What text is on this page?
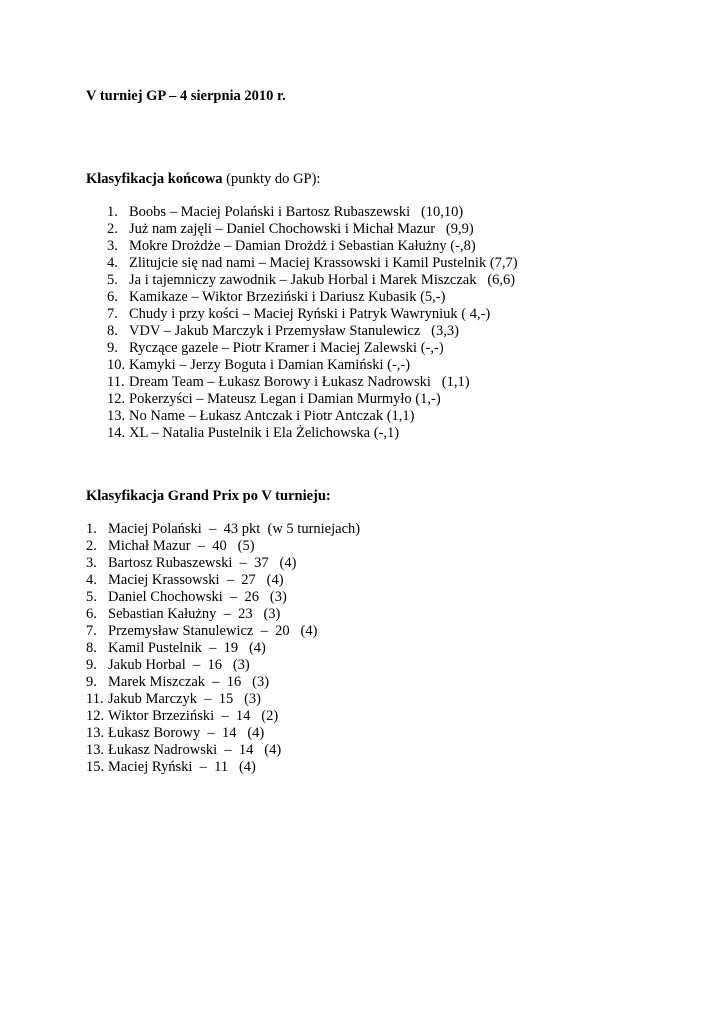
V turniej GP – 4 sierpnia 2010 r.
Klasyfikacja końcowa (punkty do GP):
1. Boobs – Maciej Polański i Bartosz Rubaszewski   (10,10)
2. Już nam zajęli – Daniel Chochowski i Michał Mazur   (9,9)
3. Mokre Drożdże – Damian Drożdż i Sebastian Kałużny (-,8)
4. Zlitujcie się nad nami – Maciej Krassowski i Kamil Pustelnik (7,7)
5. Ja i tajemniczy zawodnik – Jakub Horbal i Marek Miszczak   (6,6)
6. Kamikaze – Wiktor Brzeziński i Dariusz Kubasik (5,-)
7. Chudy i przy kości – Maciej Ryński i Patryk Wawryniuk ( 4,-)
8. VDV – Jakub Marczyk i Przemysław Stanulewicz   (3,3)
9. Ryczące gazele – Piotr Kramer i Maciej Zalewski (-,-)
10. Kamyki – Jerzy Boguta i Damian Kamiński (-,-)
11. Dream Team – Łukasz Borowy i Łukasz Nadrowski   (1,1)
12. Pokerzyści – Mateusz Legan i Damian Murmyło (1,-)
13. No Name – Łukasz Antczak i Piotr Antczak (1,1)
14. XL – Natalia Pustelnik i Ela Żelichowska (-,1)
Klasyfikacja Grand Prix po V turnieju:
1. Maciej Polański  –  43 pkt  (w 5 turniejach)
2. Michał Mazur  –  40   (5)
3. Bartosz Rubaszewski  –  37   (4)
4. Maciej Krassowski  –  27   (4)
5. Daniel Chochowski  –  26   (3)
6. Sebastian Kałużny  –  23   (3)
7. Przemysław Stanulewicz  –  20   (4)
8. Kamil Pustelnik  –  19   (4)
9. Jakub Horbal  –  16   (3)
9. Marek Miszczak  –  16   (3)
11. Jakub Marczyk  –  15   (3)
12. Wiktor Brzeziński  –  14   (2)
13. Łukasz Borowy  –  14   (4)
13. Łukasz Nadrowski  –  14   (4)
15. Maciej Ryński  –  11   (4)
